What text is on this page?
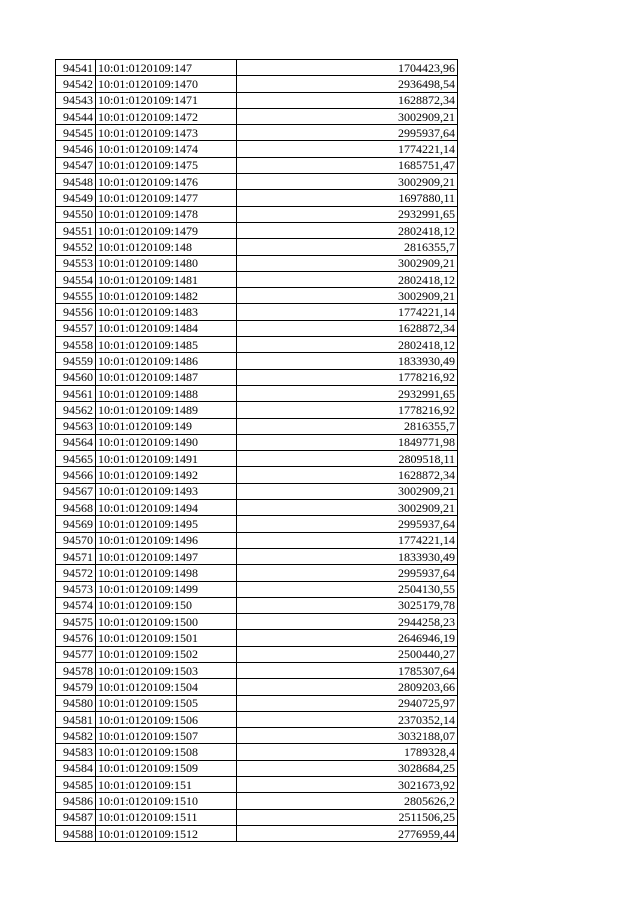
94541	10:01:0120109:147	1704423,96
94542	10:01:0120109:1470	2936498,54
94543	10:01:0120109:1471	1628872,34
94544	10:01:0120109:1472	3002909,21
94545	10:01:0120109:1473	2995937,64
94546	10:01:0120109:1474	1774221,14
94547	10:01:0120109:1475	1685751,47
94548	10:01:0120109:1476	3002909,21
94549	10:01:0120109:1477	1697880,11
94550	10:01:0120109:1478	2932991,65
94551	10:01:0120109:1479	2802418,12
94552	10:01:0120109:148	2816355,7
94553	10:01:0120109:1480	3002909,21
94554	10:01:0120109:1481	2802418,12
94555	10:01:0120109:1482	3002909,21
94556	10:01:0120109:1483	1774221,14
94557	10:01:0120109:1484	1628872,34
94558	10:01:0120109:1485	2802418,12
94559	10:01:0120109:1486	1833930,49
94560	10:01:0120109:1487	1778216,92
94561	10:01:0120109:1488	2932991,65
94562	10:01:0120109:1489	1778216,92
94563	10:01:0120109:149	2816355,7
94564	10:01:0120109:1490	1849771,98
94565	10:01:0120109:1491	2809518,11
94566	10:01:0120109:1492	1628872,34
94567	10:01:0120109:1493	3002909,21
94568	10:01:0120109:1494	3002909,21
94569	10:01:0120109:1495	2995937,64
94570	10:01:0120109:1496	1774221,14
94571	10:01:0120109:1497	1833930,49
94572	10:01:0120109:1498	2995937,64
94573	10:01:0120109:1499	2504130,55
94574	10:01:0120109:150	3025179,78
94575	10:01:0120109:1500	2944258,23
94576	10:01:0120109:1501	2646946,19
94577	10:01:0120109:1502	2500440,27
94578	10:01:0120109:1503	1785307,64
94579	10:01:0120109:1504	2809203,66
94580	10:01:0120109:1505	2940725,97
94581	10:01:0120109:1506	2370352,14
94582	10:01:0120109:1507	3032188,07
94583	10:01:0120109:1508	1789328,4
94584	10:01:0120109:1509	3028684,25
94585	10:01:0120109:151	3021673,92
94586	10:01:0120109:1510	2805626,2
94587	10:01:0120109:1511	2511506,25
94588	10:01:0120109:1512	2776959,44
